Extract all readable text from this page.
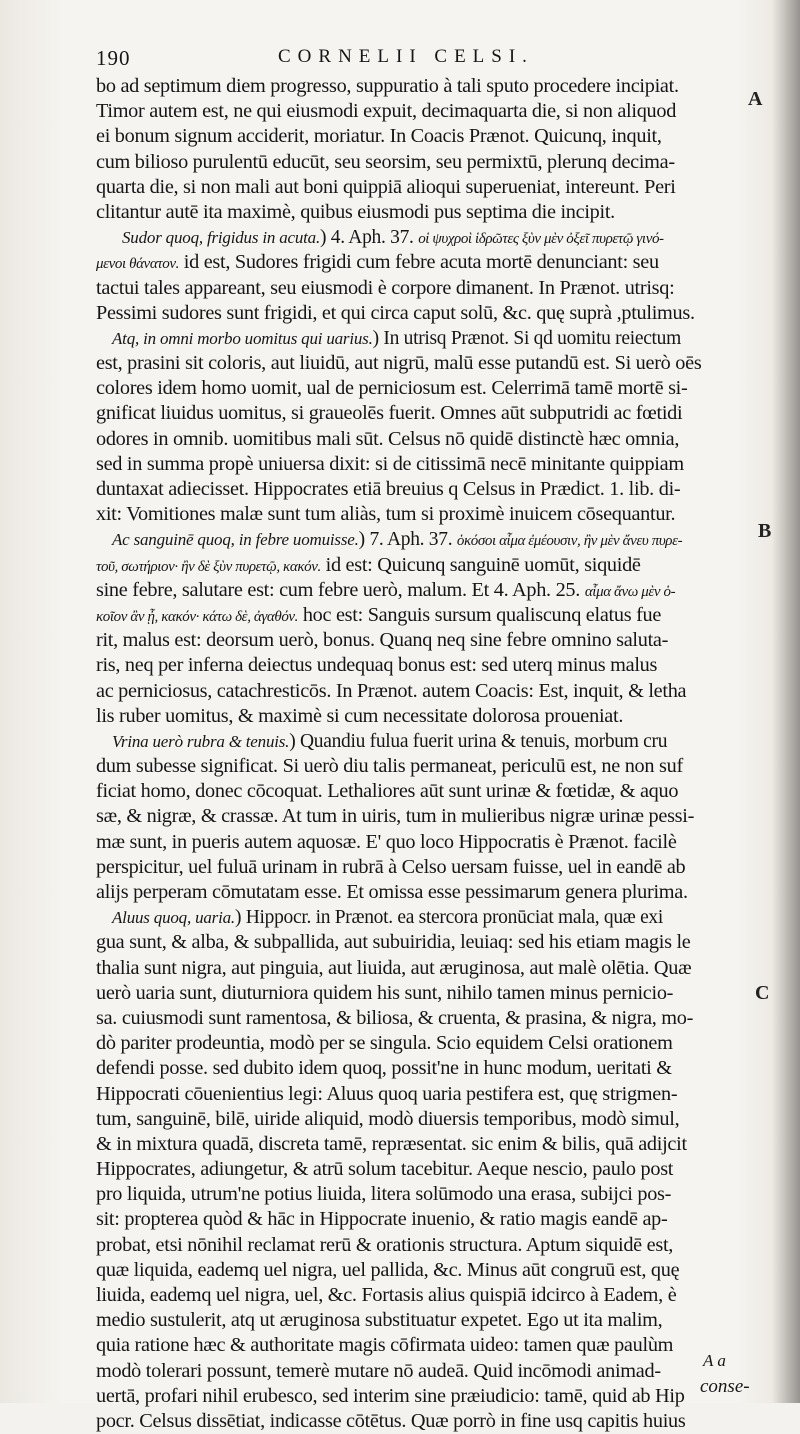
190	CORNELII CELSI.
A
B
C
bo ad septimum diem progresso, suppuratio à tali sputo procedere incipiat.
Timor autem est, ne qui eiusmodi expuit, decimaquarta die, si non aliquod
ei bonum signum acciderit, moriatur. In Coacis Prænot. Quicunq, inquit,
cum bilioso purulentū educūt, seu seorsim, seu permixtū, plerunq decima-
quarta die, si non mali aut boni quippiā alioqui superueniat, intereunt. Peri
clitantur autē ita maximè, quibus eiusmodi pus septima die incipit.
Sudor quoq, frigidus in acuta.) 4. Aph. 37. οἱ ψυχροὶ ἱδρῶτες ξὺν μὲν ὀξεῖ πυρετῷ γινό-
μενοι θάνατον. id est, Sudores frigidi cum febre acuta mortē denunciant: seu
tactui tales appareant, seu eiusmodi è corpore dimanent. In Prænot. utrisq:
Pessimi sudores sunt frigidi, et qui circa caput solū, &c. quę suprà ,ptulimus.
Atq, in omni morbo uomitus qui uarius.) In utrisq Prænot. Si qd uomitu reiectum
est, prasini sit coloris, aut liuidū, aut nigrū, malū esse putandū est. Si uerò oēs
colores idem homo uomit, ual de perniciosum est. Celerrimā tamē mortē si-
gnificat liuidus uomitus, si graueolēs fuerit. Omnes aūt subputridi ac fœtidi
odores in omnib. uomitibus mali sūt. Celsus nō quidē distinctè hæc omnia,
sed in summa propè uniuersa dixit: si de citissimā necē minitante quippiam
duntaxat adiecisset. Hippocrates etiā breuius q Celsus in Prædict. 1. lib. di-
xit: Vomitiones malæ sunt tum aliàs, tum si proximè inuicem cōsequantur.
Ac sanguinē quoq, in febre uomuisse.) 7. Aph. 37. ὁκόσοι αἷμα ἐμέουσιν, ἢν μὲν ἄνευ πυρε-
τοῦ, σωτήριον· ἢν δὲ ξὺν πυρετῷ, κακόν. id est: Quicunq sanguinē uomūt, siquidē
sine febre, salutare est: cum febre uerò, malum. Et 4. Aph. 25. αἷμα ἄνω μὲν ὁ-
κοῖον ἂν ᾖ, κακόν· κάτω δὲ, ἀγαθόν. hoc est: Sanguis sursum qualiscunq elatus fue
rit, malus est: deorsum uerò, bonus. Quanq neq sine febre omnino saluta-
ris, neq per inferna deiectus undequaq bonus est: sed uterq minus malus
ac perniciosus, catachresticōs. In Prænot. autem Coacis: Est, inquit, & letha
lis ruber uomitus, & maximè si cum necessitate dolorosa proueniat.
Vrina uerò rubra & tenuis.) Quandiu fulua fuerit urina & tenuis, morbum cru
dum subesse significat. Si uerò diu talis permaneat, periculū est, ne non suf
ficiat homo, donec cōcoquat. Lethaliores aūt sunt urinæ & fœtidæ, & aquo
sæ, & nigræ, & crassæ. At tum in uiris, tum in mulieribus nigræ urinæ pessi-
mæ sunt, in pueris autem aquosæ. E' quo loco Hippocratis è Prænot. facilè
perspicitur, uel fuluā urinam in rubrā à Celso uersam fuisse, uel in eandē ab
alijs perperam cōmutatam esse. Et omissa esse pessimarum genera plurima.
Aluus quoq, uaria.) Hippocr. in Prænot. ea stercora pronūciat mala, quæ exi
gua sunt, & alba, & subpallida, aut subuiridia, leuiaq: sed his etiam magis le
thalia sunt nigra, aut pinguia, aut liuida, aut æruginosa, aut malè olētia. Quæ
uerò uaria sunt, diuturniora quidem his sunt, nihilo tamen minus pernicio-
sa. cuiusmodi sunt ramentosa, & biliosa, & cruenta, & prasina, & nigra, mo-
dò pariter prodeuntia, modò per se singula. Scio equidem Celsi orationem
defendi posse. sed dubito idem quoq, possit'ne in hunc modum, ueritati &
Hippocrati cōuenientius legi: Aluus quoq uaria pestifera est, quę strigmen-
tum, sanguinē, bilē, uiride aliquid, modò diuersis temporibus, modò simul,
& in mixtura quadā, discreta tamē, repræsentat. sic enim & bilis, quā adijcit
Hippocrates, adiungetur, & atrū solum tacebitur. Aeque nescio, paulo post
pro liquida, utrum'ne potius liuida, litera solūmodo una erasa, subijci pos-
sit: propterea quòd & hāc in Hippocrate inuenio, & ratio magis eandē ap-
probat, etsi nōnihil reclamat rerū & orationis structura. Aptum siquidē est,
quæ liquida, eademq uel nigra, uel pallida, &c. Minus aūt congruū est, quę
liuida, eademq uel nigra, uel, &c. Fortasis alius quispiā idcirco à Eadem, è
medio sustulerit, atq ut æruginosa substituatur expetet. Ego ut ita malim,
quia ratione hæc & authoritate magis cōfirmata uideo: tamen quæ paulùm
modò tolerari possunt, temerè mutare nō audeā. Quid incōmodi animad-
uertā, profari nihil erubesco, sed interim sine præiudicio: tamē, quid ab Hip
pocr. Celsus dissētiat, indicasse cōtētus. Quæ porrò in fine usq capitis huius
A a
conse-
